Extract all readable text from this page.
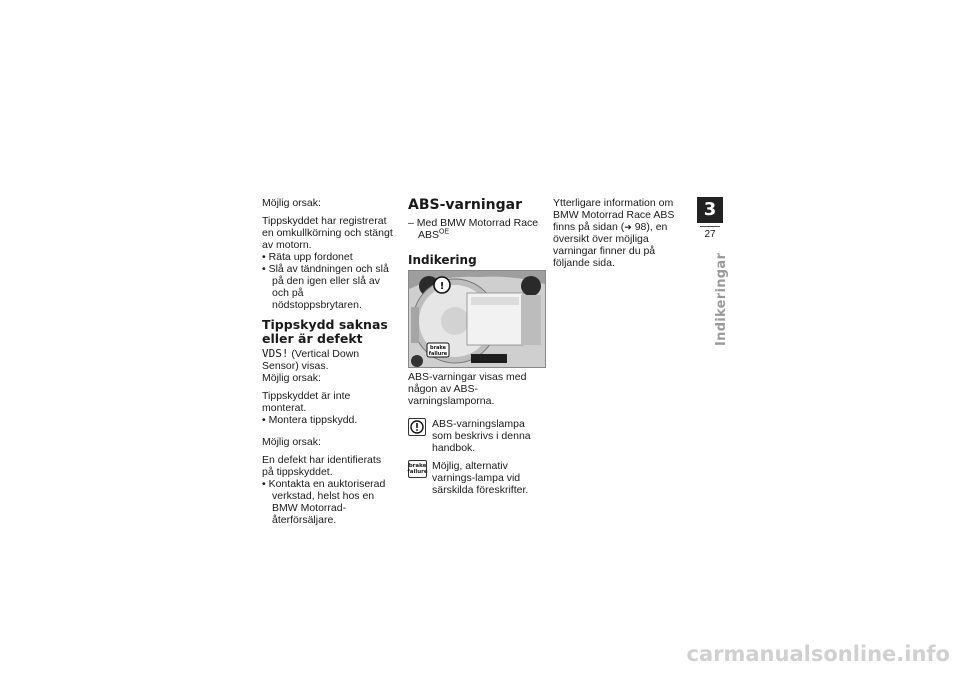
Möjlig orsak:

Tippskyddet har registrerat en omkullkörning och stängt av motorn.

• Räta upp fordonet

• Slå av tändningen och slå på den igen eller slå av och på nödstoppsbrytaren.

Tippskydd saknas eller är defekt

VDS! (Vertical Down Sensor) visas.

Möjlig orsak:

Tippskyddet är inte monterat.

• Montera tippskydd.

Möjlig orsak:

En defekt har identifierats på tippskyddet.

• Kontakta en auktoriserad verkstad, helst hos en BMW Motorrad-återförsäljare.

ABS-varningar

– Med BMW Motorrad Race $ABS^{OE}$

Indikering
!
brake
failure

ABS-varningar visas med någon av ABS-varningslamporna.

ABS-varningslampa som beskrivs i denna handbok.

brake
failure Möjlig, alternativ varnings-lampa vid särskilda föreskrifter.

Ytterligare information om BMW Motorrad Race ABS finns på sidan (➜ 98), en översikt över möjliga varningar finner du på följande sida.

3
27
Indikeringar
carmanualsonline.info
